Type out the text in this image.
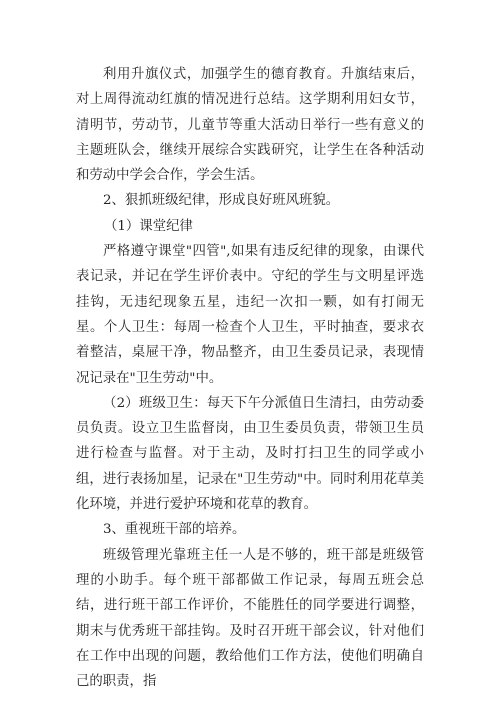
利用升旗仪式，加强学生的德育教育。升旗结束后，对上周得流动红旗的情况进行总结。这学期利用妇女节，清明节，劳动节，儿童节等重大活动日举行一些有意义的主题班队会，继续开展综合实践研究，让学生在各种活动和劳动中学会合作，学会生活。

2、狠抓班级纪律，形成良好班风班貌。

（1）课堂纪律

严格遵守课堂"四管",如果有违反纪律的现象，由课代表记录，并记在学生评价表中。守纪的学生与文明星评选挂钩，无违纪现象五星，违纪一次扣一颗，如有打闹无星。个人卫生：每周一检查个人卫生，平时抽查，要求衣着整洁，桌屉干净，物品整齐，由卫生委员记录，表现情况记录在"卫生劳动"中。

（2）班级卫生：每天下午分派值日生清扫，由劳动委员负责。设立卫生监督岗，由卫生委员负责，带领卫生员进行检查与监督。对于主动，及时打扫卫生的同学或小组，进行表扬加星，记录在"卫生劳动"中。同时利用花草美化环境，并进行爱护环境和花草的教育。

3、重视班干部的培养。

班级管理光靠班主任一人是不够的，班干部是班级管理的小助手。每个班干部都做工作记录，每周五班会总结，进行班干部工作评价，不能胜任的同学要进行调整，期末与优秀班干部挂钩。及时召开班干部会议，针对他们在工作中出现的问题，教给他们工作方法，使他们明确自己的职责，指
